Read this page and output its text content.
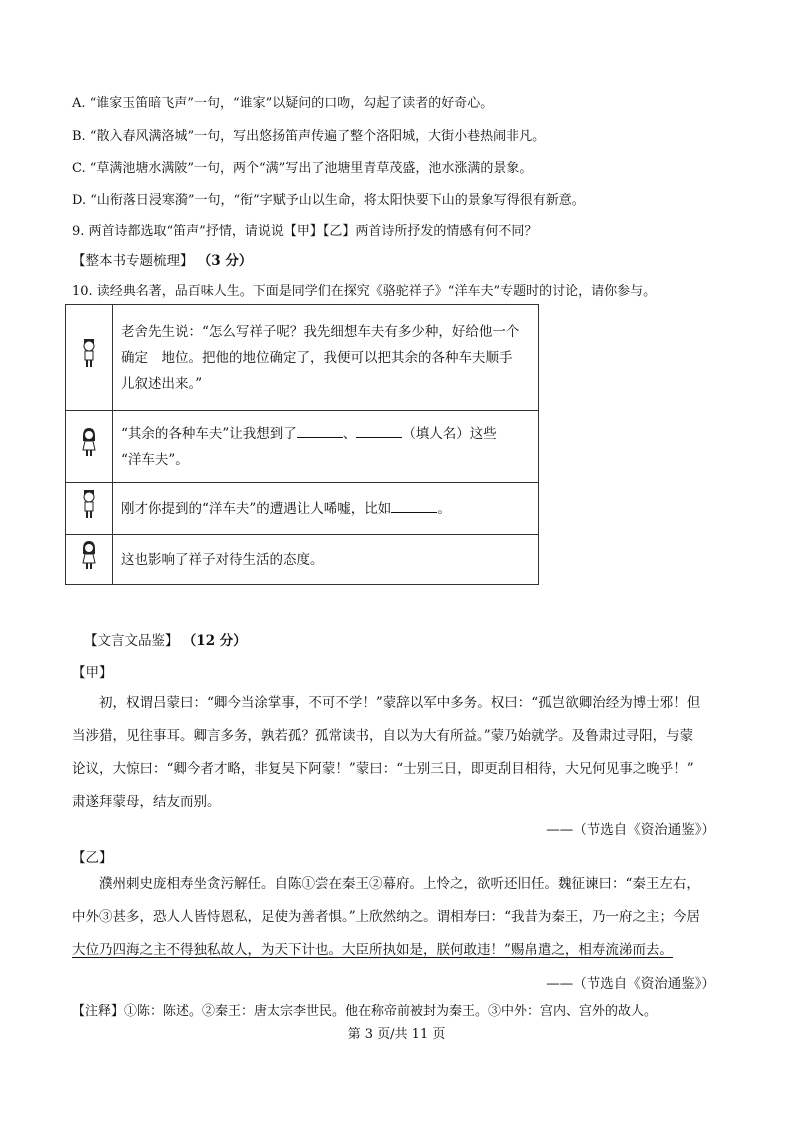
A. “谁家玉笛暗飞声”一句，“谁家”以疑问的口吻，勾起了读者的好奇心。
B. “散入春风满洛城”一句，写出悠扬笛声传遍了整个洛阳城，大街小巷热闹非凡。
C. “草满池塘水满陂”一句，两个“满”写出了池塘里青草茂盛，池水涨满的景象。
D. “山衔落日浸寒漪”一句，“衔”字赋予山以生命，将太阳快要下山的景象写得很有新意。
9. 两首诗都选取“笛声”抒情，请说说【甲】【乙】两首诗所抒发的情感有何不同？
【整本书专题梳理】 （3 分）
10. 读经典名著，品百味人生。下面是同学们在探究《骆驼祥子》“洋车夫”专题时的讨论，请你参与。

老舍先生说：“怎么写祥子呢？我先细想车夫有多少种，好给他一个
确定　地位。把他的地位确定了，我便可以把其余的各种车夫顺手
儿叙述出来。”

“其余的各种车夫”让我想到了 、 （填人名）这些
“洋车夫”。

	刚才你提到的“洋车夫”的遭遇让人唏嘘，比如 。
	这也影响了祥子对待生活的态度。
【文言文品鉴】 （12 分）
【甲】
　　初，权谓吕蒙曰：“卿今当涂掌事，不可不学！”蒙辞以军中多务。权曰：“孤岂欲卿治经为博士邪！但
当涉猎，见往事耳。卿言多务，孰若孤？孤常读书，自以为大有所益。”蒙乃始就学。及鲁肃过寻阳，与蒙
论议，大惊曰：“卿今者才略，非复吴下阿蒙！”蒙曰：“士别三日，即更刮目相待，大兄何见事之晚乎！”
肃遂拜蒙母，结友而别。
——（节选自《资治通鉴》）
【乙】
　　濮州刺史庞相寿坐贪污解任。自陈①尝在秦王②幕府。上怜之，欲听还旧任。魏征谏曰：“秦王左右，
中外③甚多，恐人人皆恃恩私，足使为善者惧。”上欣然纳之。谓相寿曰：“我昔为秦王，乃一府之主；今居
大位乃四海之主不得独私故人，为天下计也。大臣所执如是，朕何敢违！”赐帛遣之，相寿流涕而去。
——（节选自《资治通鉴》）
【注释】①陈：陈述。②秦王：唐太宗李世民。他在称帝前被封为秦王。③中外：宫内、宫外的故人。
第 3 页/共 11 页
